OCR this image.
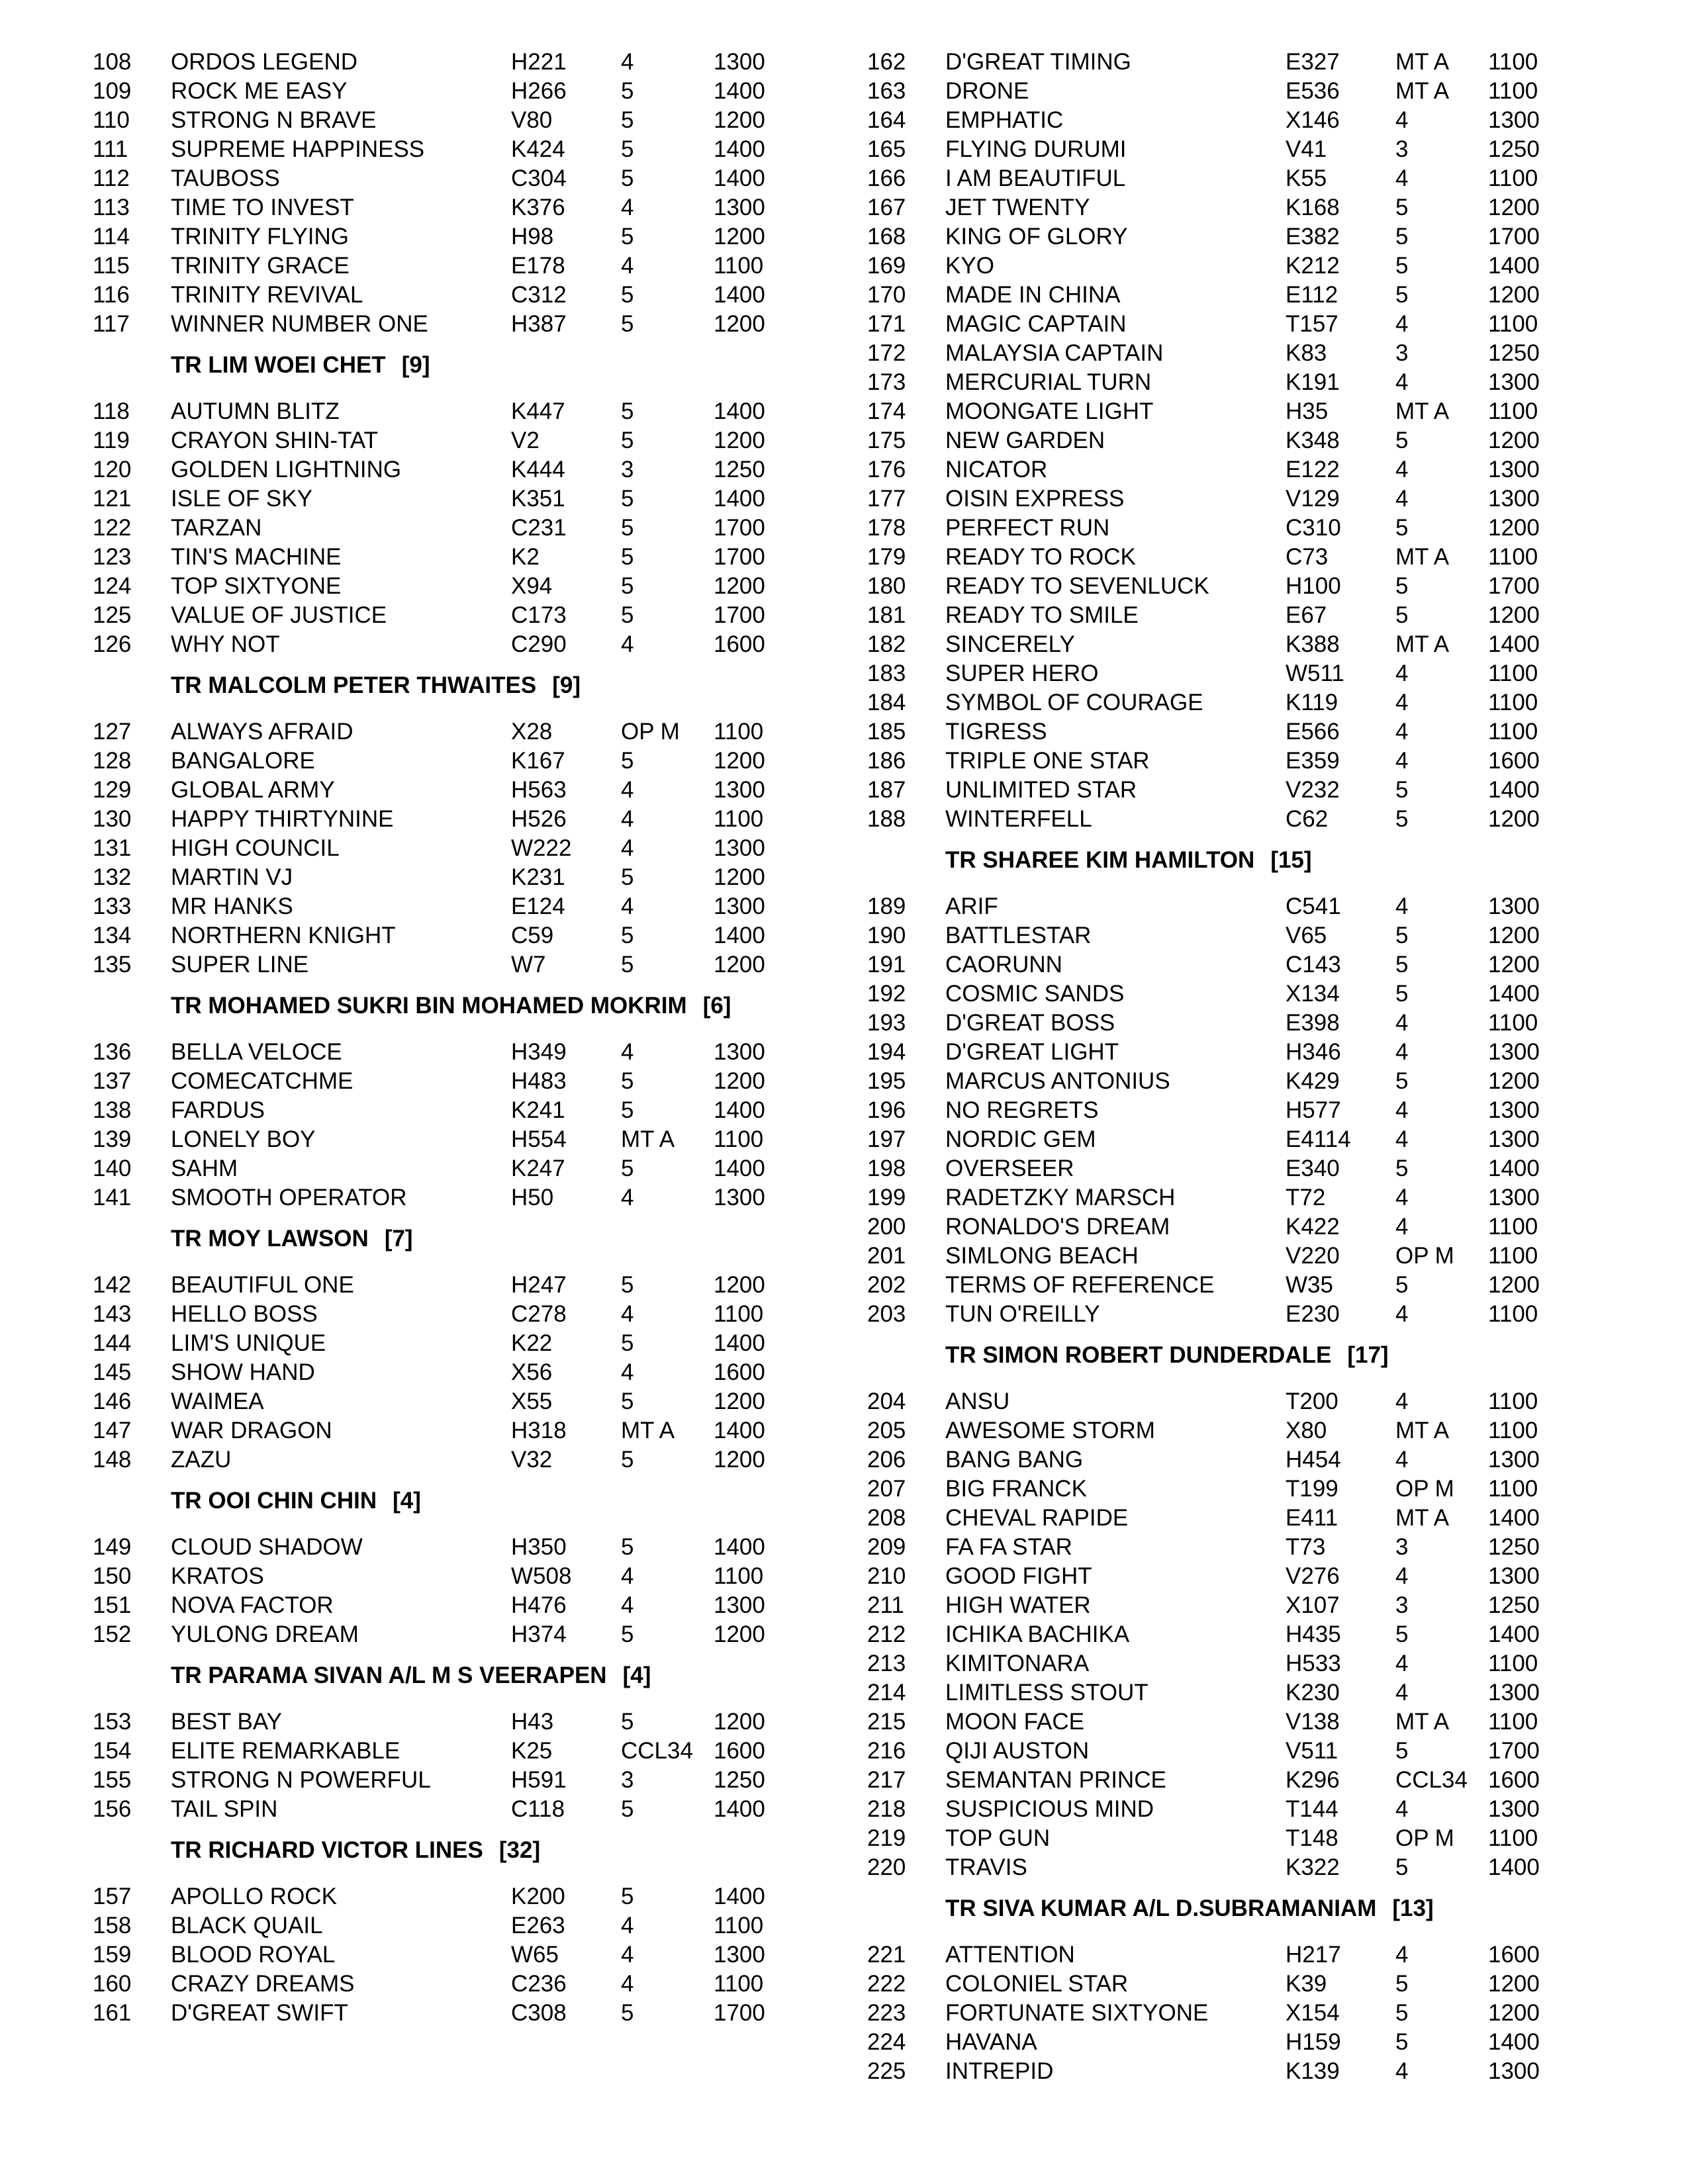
108 ORDOS LEGEND	H221 4	1300
109 ROCK ME EASY	H266 5	1400
110 STRONG N BRAVE	V80	5	1200
111 SUPREME HAPPINESS	K424 5	1400
112 TAUBOSS	C304 5	1400
113 TIME TO INVEST	K376 4	1300
114 TRINITY FLYING	H98	5	1200
115 TRINITY GRACE	E178 4	1100
116 TRINITY REVIVAL	C312 5	1400
117 WINNER NUMBER ONE	H387 5	1200
TR LIM WOEI CHET [9]
118 AUTUMN BLITZ	K447 5	1400
119 CRAYON SHIN-TAT	V2	5	1200
120 GOLDEN LIGHTNING	K444 3	1250
121 ISLE OF SKY	K351 5	1400
122 TARZAN	C231 5	1700
123 TIN'S MACHINE	K2	5	1700
124 TOP SIXTYONE	X94	5	1200
125 VALUE OF JUSTICE	C173 5	1700
126 WHY NOT	C290 4	1600
TR MALCOLM PETER THWAITES [9]
127 ALWAYS AFRAID	X28	OP M 1100
128 BANGALORE	K167 5	1200
129 GLOBAL ARMY	H563 4	1300
130 HAPPY THIRTYNINE	H526 4	1100
131 HIGH COUNCIL	W222 4	1300
132 MARTIN VJ	K231 5	1200
133 MR HANKS	E124 4	1300
134 NORTHERN KNIGHT	C59	5	1400
135 SUPER LINE	W7	5	1200
TR MOHAMED SUKRI BIN MOHAMED MOKRIM [6]
136 BELLA VELOCE	H349 4	1300
137 COMECATCHME	H483 5	1200
138 FARDUS	K241 5	1400
139 LONELY BOY	H554 MT A 1100
140 SAHM	K247 5	1400
141 SMOOTH OPERATOR	H50	4	1300
TR MOY LAWSON [7]
142 BEAUTIFUL ONE	H247 5	1200
143 HELLO BOSS	C278 4	1100
144 LIM'S UNIQUE	K22	5	1400
145 SHOW HAND	X56	4	1600
146 WAIMEA	X55	5	1200
147 WAR DRAGON	H318 MT A 1400
148 ZAZU	V32	5	1200
TR OOI CHIN CHIN [4]
149 CLOUD SHADOW	H350 5	1400
150 KRATOS	W508 4	1100
151 NOVA FACTOR	H476 4	1300
152 YULONG DREAM	H374 5	1200
TR PARAMA SIVAN A/L M S VEERAPEN [4]
153 BEST BAY	H43	5	1200
154 ELITE REMARKABLE	K25	CCL34 1600
155 STRONG N POWERFUL	H591 3	1250
156 TAIL SPIN	C118 5	1400
TR RICHARD VICTOR LINES [32]
157 APOLLO ROCK	K200 5	1400
158 BLACK QUAIL	E263 4	1100
159 BLOOD ROYAL	W65	4	1300
160 CRAZY DREAMS	C236 4	1100
161 D'GREAT SWIFT	C308 5	1700
162 D'GREAT TIMING	E327 MT A 1100
163 DRONE	E536 MT A 1100
164 EMPHATIC	X146 4	1300
165 FLYING DURUMI	V41	3	1250
166 I AM BEAUTIFUL	K55	4	1100
167 JET TWENTY	K168 5	1200
168 KING OF GLORY	E382 5	1700
169 KYO	K212 5	1400
170 MADE IN CHINA	E112 5	1200
171 MAGIC CAPTAIN	T157 4	1100
172 MALAYSIA CAPTAIN	K83	3	1250
173 MERCURIAL TURN	K191 4	1300
174 MOONGATE LIGHT	H35	MT A 1100
175 NEW GARDEN	K348 5	1200
176 NICATOR	E122 4	1300
177 OISIN EXPRESS	V129 4	1300
178 PERFECT RUN	C310 5	1200
179 READY TO ROCK	C73	MT A 1100
180 READY TO SEVENLUCK	H100 5	1700
181 READY TO SMILE	E67	5	1200
182 SINCERELY	K388 MT A 1400
183 SUPER HERO	W511 4	1100
184 SYMBOL OF COURAGE	K119 4	1100
185 TIGRESS	E566 4	1100
186 TRIPLE ONE STAR	E359 4	1600
187 UNLIMITED STAR	V232 5	1400
188 WINTERFELL	C62	5	1200
TR SHAREE KIM HAMILTON [15]
189 ARIF	C541 4	1300
190 BATTLESTAR	V65	5	1200
191 CAORUNN	C143 5	1200
192 COSMIC SANDS	X134 5	1400
193 D'GREAT BOSS	E398 4	1100
194 D'GREAT LIGHT	H346 4	1300
195 MARCUS ANTONIUS	K429 5	1200
196 NO REGRETS	H577 4	1300
197 NORDIC GEM	E4114 4	1300
198 OVERSEER	E340 5	1400
199 RADETZKY MARSCH	T72	4	1300
200 RONALDO'S DREAM	K422 4	1100
201 SIMLONG BEACH	V220 OP M 1100
202 TERMS OF REFERENCE	W35	5	1200
203 TUN O'REILLY	E230 4	1100
TR SIMON ROBERT DUNDERDALE [17]
204 ANSU	T200 4	1100
205 AWESOME STORM	X80	MT A 1100
206 BANG BANG	H454 4	1300
207 BIG FRANCK	T199 OP M 1100
208 CHEVAL RAPIDE	E411 MT A 1400
209 FA FA STAR	T73	3	1250
210 GOOD FIGHT	V276 4	1300
211 HIGH WATER	X107 3	1250
212 ICHIKA BACHIKA	H435 5	1400
213 KIMITONARA	H533 4	1100
214 LIMITLESS STOUT	K230 4	1300
215 MOON FACE	V138 MT A 1100
216 QIJI AUSTON	V511 5	1700
217 SEMANTAN PRINCE	K296 CCL34 1600
218 SUSPICIOUS MIND	T144 4	1300
219 TOP GUN	T148 OP M 1100
220 TRAVIS	K322 5	1400
TR SIVA KUMAR A/L D.SUBRAMANIAM [13]
221 ATTENTION	H217 4	1600
222 COLONIEL STAR	K39	5	1200
223 FORTUNATE SIXTYONE	X154 5	1200
224 HAVANA	H159 5	1400
225 INTREPID	K139 4	1300
